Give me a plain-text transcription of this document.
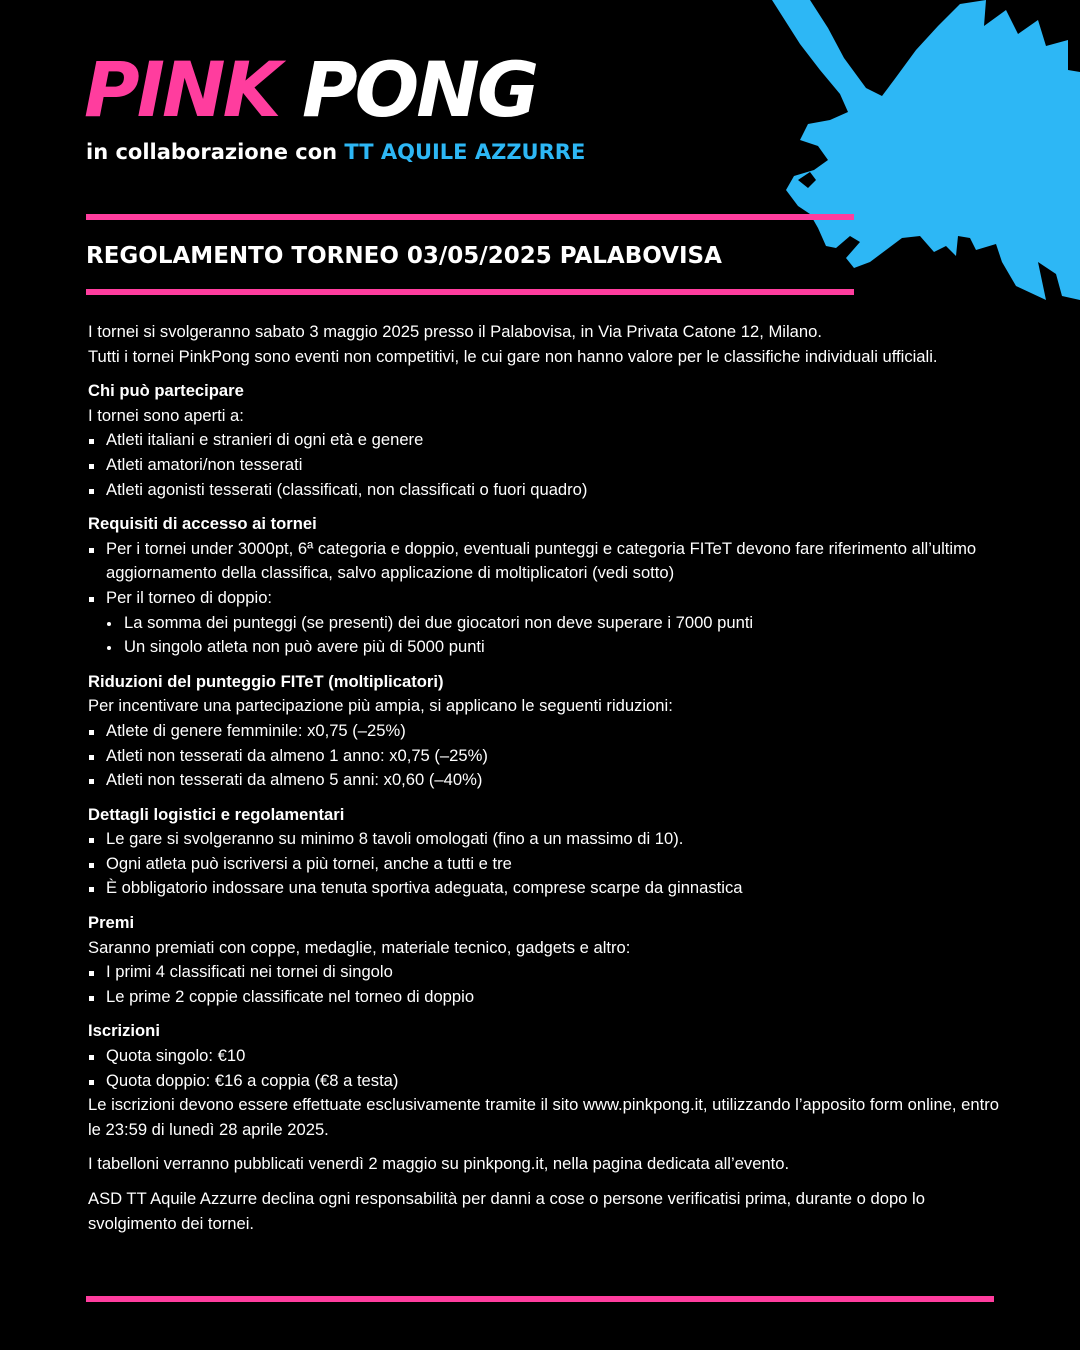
PINK PONG

in collaborazione con TT AQUILE AZZURRE

REGOLAMENTO TORNEO 03/05/2025 PALABOVISA

I tornei si svolgeranno sabato 3 maggio 2025 presso il Palabovisa, in Via Privata Catone 12, Milano.

Tutti i tornei PinkPong sono eventi non competitivi, le cui gare non hanno valore per le classifiche individuali ufficiali.

Chi può partecipare

I tornei sono aperti a:

Atleti italiani e stranieri di ogni età e genere
Atleti amatori/non tesserati
Atleti agonisti tesserati (classificati, non classificati o fuori quadro)

Requisiti di accesso ai tornei

Per i tornei under 3000pt, 6ª categoria e doppio, eventuali punteggi e categoria FITeT devono fare riferimento all’ultimo aggiornamento della classifica, salvo applicazione di moltiplicatori (vedi sotto)
Per il torneo di doppio:
La somma dei punteggi (se presenti) dei due giocatori non deve superare i 7000 punti
Un singolo atleta non può avere più di 5000 punti

Riduzioni del punteggio FITeT (moltiplicatori)

Per incentivare una partecipazione più ampia, si applicano le seguenti riduzioni:

Atlete di genere femminile: x0,75 (–25%)
Atleti non tesserati da almeno 1 anno: x0,75 (–25%)
Atleti non tesserati da almeno 5 anni: x0,60 (–40%)

Dettagli logistici e regolamentari

Le gare si svolgeranno su minimo 8 tavoli omologati (fino a un massimo di 10).
Ogni atleta può iscriversi a più tornei, anche a tutti e tre
È obbligatorio indossare una tenuta sportiva adeguata, comprese scarpe da ginnastica

Premi

Saranno premiati con coppe, medaglie, materiale tecnico, gadgets e altro:

I primi 4 classificati nei tornei di singolo
Le prime 2 coppie classificate nel torneo di doppio

Iscrizioni

Quota singolo: €10
Quota doppio: €16 a coppia (€8 a testa)

Le iscrizioni devono essere effettuate esclusivamente tramite il sito www.pinkpong.it, utilizzando l’apposito form online, entro le 23:59 di lunedì 28 aprile 2025.

I tabelloni verranno pubblicati venerdì 2 maggio su pinkpong.it, nella pagina dedicata all’evento.

ASD TT Aquile Azzurre declina ogni responsabilità per danni a cose o persone verificatisi prima, durante o dopo lo svolgimento dei tornei.
